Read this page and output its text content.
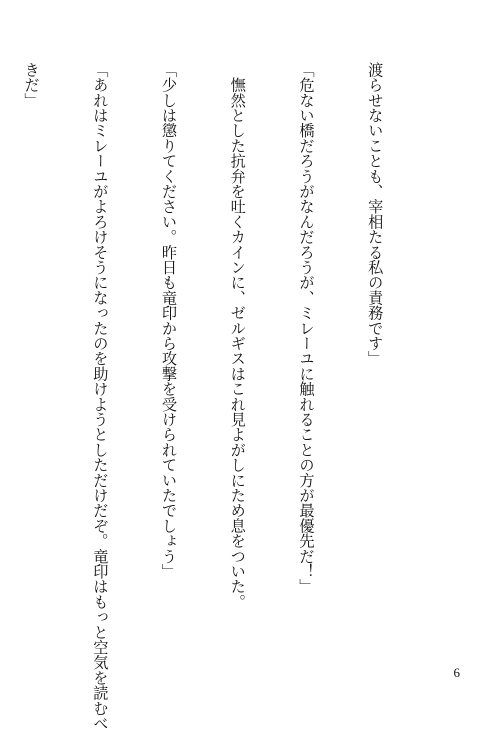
渡らせないことも、宰相たる私の責務です」

「危ない橋だろうがなんだろうが、ミレーユに触れることの方が最優先だ！」

　憮然とした抗弁を吐くカインに、ゼルギスはこれ見よがしにため息をついた。

「少しは懲りてください。昨日も竜印から攻撃を受けられていたでしょう」

「あれはミレーユがよろけそうになったのを助けようとしただけだぞ。竜印はもっと空気を読むべ

きだ」

6
